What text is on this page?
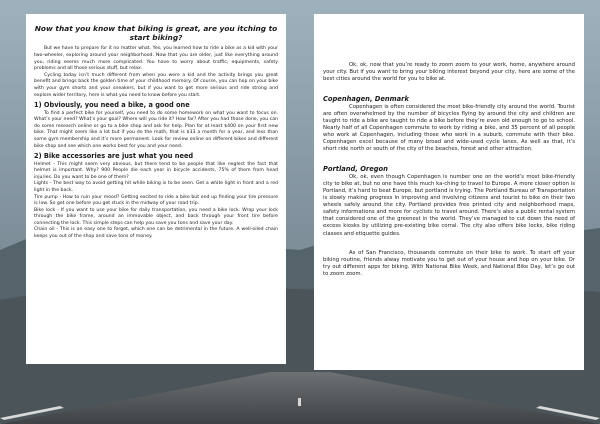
Now that you know that biking is great, are you itching to start biking?

But we have to prepare for it no matter what. Yes, you learned how to ride a bike as a kid with your two-wheeler, exploring around your neighborhood. Now that you are older, just like everything around you, riding seems much more complicated. You have to worry about traffic, equipments, safety problems and all those serious stuff, but relax.

Cycling today isn’t much different from when you were a kid and the activity brings you great benefit and brings back the golden time of your childhood memory. Of course, you can hop on your bike with your gym shorts and your sneakers, but if you want to get more serious and ride strong and explore wider territory, here is what you need to know before you start.

1) Obviously, you need a bike, a good one

To find a perfect bike for yourself, you need to do some homework on what you want to focus on. What’s your need? What’s your goal? Where will you ride it? How far? After you had those done, you can do some research online or go to a bike shop and ask for help. Plan for at least $400 on your first new bike. That might seem like a lot but if you do the math, that is $33 a month for a year, and less than some gym membership and it’s more permanent. Look for review online on different bikes and different bike shop and see which one works best for you and your need.

2) Bike accessories are just what you need

Helmet - This might seem very obvious, but there tend to be people that like neglect the fact that helmet is important. Why? 900 People die each year in bicycle accidents, 75% of them from head injuries. Do you want to be one of them?

Lights - The best way to avoid getting hit while biking is to be seen. Get a white light in front and a red light in the back.

Tire pump - How to ruin your mood? Getting excited to ride a bike but end up finding your tire pressure is low. So get one before you get stuck in the midway of your road trip.

Bike lock - If you want to use your bike for daily transportation, you need a bike lock. Wrap your lock through the bike frame, around an immovable object, and back through your front tire before connecting the lock. This simple steps can help you save you tons and save your day.

Chain oil - This is an easy one to forget, which one can be detrimental in the future. A well-oiled chain keeps you out of the shop and save tons of money.

Ok, ok, now that you’re ready to zoom zoom to your work, home, anywhere around your city. But if you want to bring your biking interest beyond your city, here are some of the best cities around the world for you to bike at.

Copenhagen, Denmark

Copenhagen is often considered the most bike-friendly city around the world. Tourist are often overwhelmed by the number of bicycles flying by around the city and children are taught to ride a bike are taught to ride a bike before they’re even old enough to go to school. Nearly half of all Copenhagen commute to work by riding a bike, and 35 percent of all people who work at Copenhagen, including those who work in a suburb, commute with their bike. Copenhagen excel because of many broad and wide-used cycle lanes. As well as that, it’s short ride north or south of the city of the beaches, forest and other attraction.

Portland, Oregon

Ok, ok, even though Copenhagen is number one on the world’s most bike-friendly city to bike at, but no one have this much ka-ching to travel to Europe. A more closer option is Portland, it’s hard to beat Europe, but portland is trying. The Portland Bureau of Transportation is slowly making progress in improving and involving citizens and tourist to bike on their two wheels safely around the city. Portland provides free printed city and neighborhood maps, safety informations and more for cyclists to travel around. There’s also a public rental system that considered one of the greenest in the world. They’ve managed to cut down the need of excess kiosks by utilizing pre-existing bike corral. The city also offers bike locks, bike riding classes and etiquette guides.

As of San Francisco, thousands commute on their bike to work. To start off your biking routine, friends alway motivate you to get out of your house and hop on your bike. Or try out different apps for biking. With National Bike Week, and National Bike Day, let’s go out to zoom zoom.
